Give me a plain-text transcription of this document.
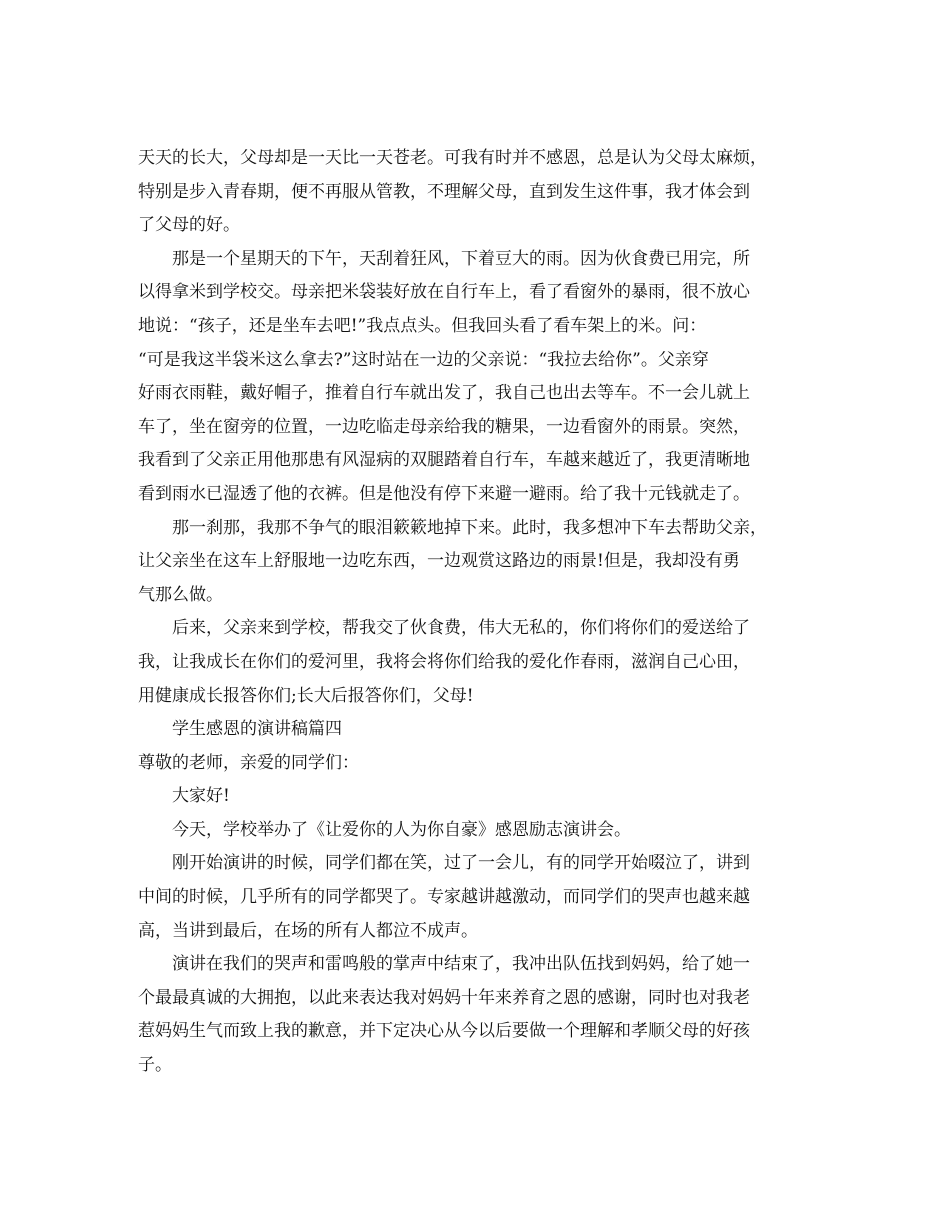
天天的长大，父母却是一天比一天苍老。可我有时并不感恩，总是认为父母太麻烦，
特别是步入青春期，便不再服从管教，不理解父母，直到发生这件事，我才体会到
了父母的好。
那是一个星期天的下午，天刮着狂风，下着豆大的雨。因为伙食费已用完，所
以得拿米到学校交。母亲把米袋装好放在自行车上，看了看窗外的暴雨，很不放心
地说：“孩子，还是坐车去吧!”我点点头。但我回头看了看车架上的米。问：
“可是我这半袋米这么拿去?”这时站在一边的父亲说：“我拉去给你”。父亲穿
好雨衣雨鞋，戴好帽子，推着自行车就出发了，我自己也出去等车。不一会儿就上
车了，坐在窗旁的位置，一边吃临走母亲给我的糖果，一边看窗外的雨景。突然，
我看到了父亲正用他那患有风湿病的双腿踏着自行车，车越来越近了，我更清晰地
看到雨水已湿透了他的衣裤。但是他没有停下来避一避雨。给了我十元钱就走了。
那一刹那，我那不争气的眼泪簌簌地掉下来。此时，我多想冲下车去帮助父亲，
让父亲坐在这车上舒服地一边吃东西，一边观赏这路边的雨景!但是，我却没有勇
气那么做。
后来，父亲来到学校，帮我交了伙食费，伟大无私的，你们将你们的爱送给了
我，让我成长在你们的爱河里，我将会将你们给我的爱化作春雨，滋润自己心田，
用健康成长报答你们;长大后报答你们，父母!
学生感恩的演讲稿篇四
尊敬的老师，亲爱的同学们：
大家好!
今天，学校举办了《让爱你的人为你自豪》感恩励志演讲会。
刚开始演讲的时候，同学们都在笑，过了一会儿，有的同学开始啜泣了，讲到
中间的时候，几乎所有的同学都哭了。专家越讲越激动，而同学们的哭声也越来越
高，当讲到最后，在场的所有人都泣不成声。
演讲在我们的哭声和雷鸣般的掌声中结束了，我冲出队伍找到妈妈，给了她一
个最最真诚的大拥抱，以此来表达我对妈妈十年来养育之恩的感谢，同时也对我老
惹妈妈生气而致上我的歉意，并下定决心从今以后要做一个理解和孝顺父母的好孩
子。
